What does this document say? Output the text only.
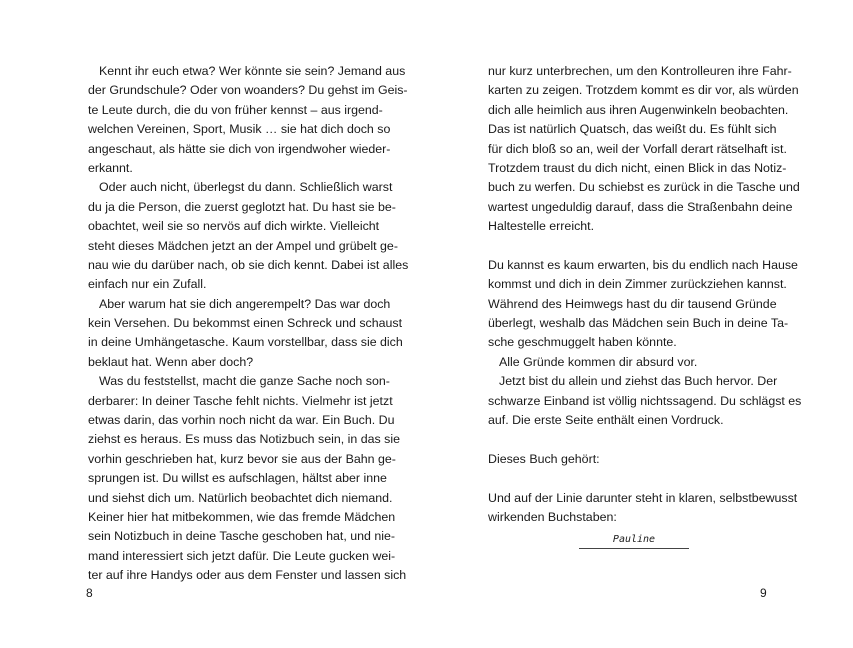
Kennt ihr euch etwa? Wer könnte sie sein? Jemand aus
der Grundschule? Oder von woanders? Du gehst im Geis-
te Leute durch, die du von früher kennst – aus irgend-
welchen Vereinen, Sport, Musik … sie hat dich doch so
angeschaut, als hätte sie dich von irgendwoher wieder-
erkannt.
Oder auch nicht, überlegst du dann. Schließlich warst
du ja die Person, die zuerst geglotzt hat. Du hast sie be-
obachtet, weil sie so nervös auf dich wirkte. Vielleicht
steht dieses Mädchen jetzt an der Ampel und grübelt ge-
nau wie du darüber nach, ob sie dich kennt. Dabei ist alles
einfach nur ein Zufall.
Aber warum hat sie dich angerempelt? Das war doch
kein Versehen. Du bekommst einen Schreck und schaust
in deine Umhängetasche. Kaum vorstellbar, dass sie dich
beklaut hat. Wenn aber doch?
Was du feststellst, macht die ganze Sache noch son-
derbarer: In deiner Tasche fehlt nichts. Vielmehr ist jetzt
etwas darin, das vorhin noch nicht da war. Ein Buch. Du
ziehst es heraus. Es muss das Notizbuch sein, in das sie
vorhin geschrieben hat, kurz bevor sie aus der Bahn ge-
sprungen ist. Du willst es aufschlagen, hältst aber inne
und siehst dich um. Natürlich beobachtet dich niemand.
Keiner hier hat mitbekommen, wie das fremde Mädchen
sein Notizbuch in deine Tasche geschoben hat, und nie-
mand interessiert sich jetzt dafür. Die Leute gucken wei-
ter auf ihre Handys oder aus dem Fenster und lassen sich
nur kurz unterbrechen, um den Kontrolleuren ihre Fahr-
karten zu zeigen. Trotzdem kommt es dir vor, als würden
dich alle heimlich aus ihren Augenwinkeln beobachten.
Das ist natürlich Quatsch, das weißt du. Es fühlt sich
für dich bloß so an, weil der Vorfall derart rätselhaft ist.
Trotzdem traust du dich nicht, einen Blick in das Notiz-
buch zu werfen. Du schiebst es zurück in die Tasche und
wartest ungeduldig darauf, dass die Straßenbahn deine
Haltestelle erreicht.
Du kannst es kaum erwarten, bis du endlich nach Hause
kommst und dich in dein Zimmer zurückziehen kannst.
Während des Heimwegs hast du dir tausend Gründe
überlegt, weshalb das Mädchen sein Buch in deine Ta-
sche geschmuggelt haben könnte.
Alle Gründe kommen dir absurd vor.
Jetzt bist du allein und ziehst das Buch hervor. Der
schwarze Einband ist völlig nichtssagend. Du schlägst es
auf. Die erste Seite enthält einen Vordruck.
Dieses Buch gehört:
Und auf der Linie darunter steht in klaren, selbstbewusst
wirkenden Buchstaben:
Pauline
8	9
